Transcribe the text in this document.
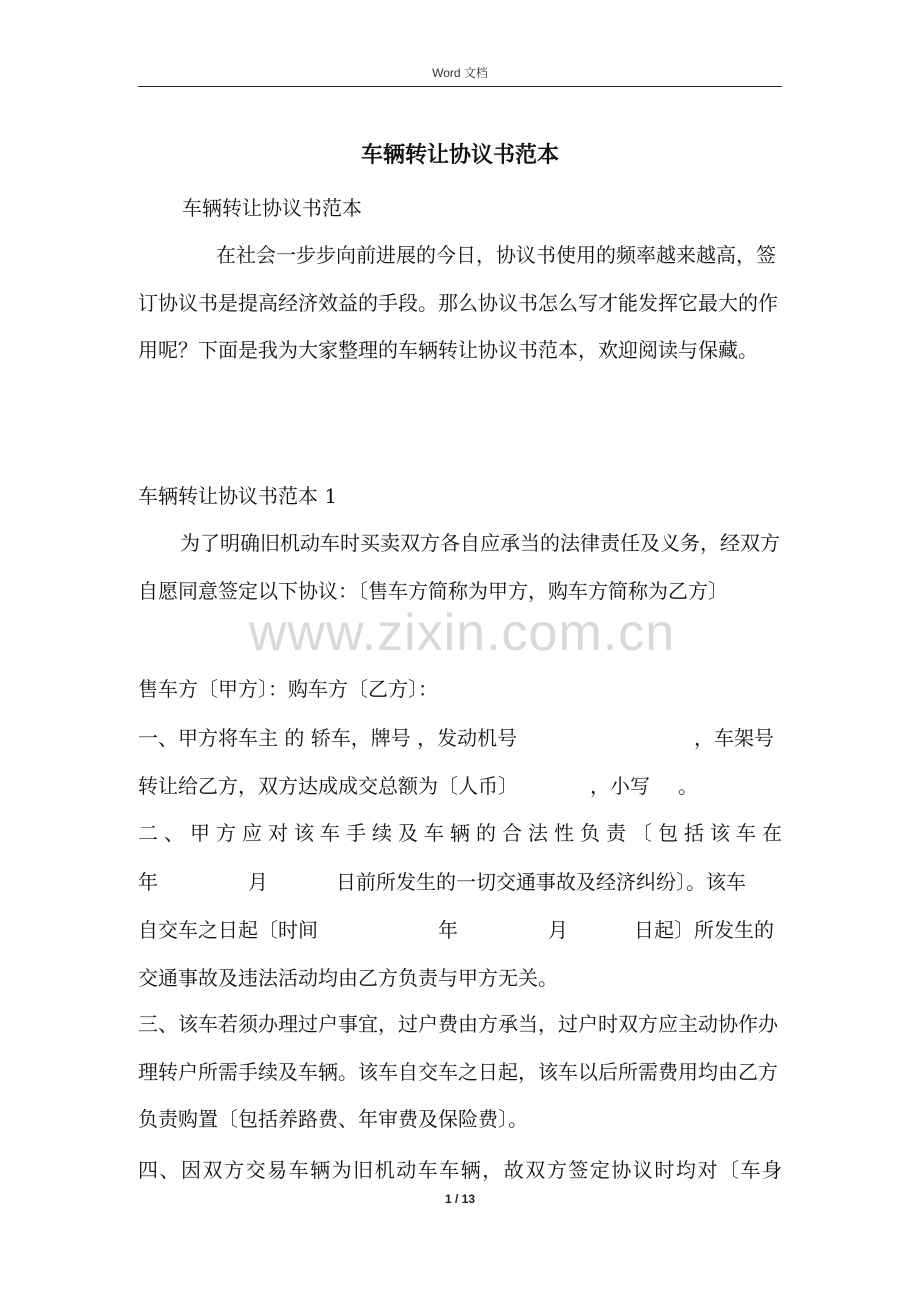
Word 文档
车辆转让协议书范本
车辆转让协议书范本

在社会一步步向前进展的今日，协议书使用的频率越来越高，签订协议书是提高经济效益的手段。那么协议书怎么写才能发挥它最大的作用呢？下面是我为大家整理的车辆转让协议书范本，欢迎阅读与保藏。

车辆转让协议书范本 1

为了明确旧机动车时买卖双方各自应承当的法律责任及义务，经双方自愿同意签定以下协议：〔售车方简称为甲方，购车方简称为乙方〕

售车方〔甲方〕：购车方〔乙方〕：
一、甲方将车主 的 轿车，牌号 ，发动机号	，车架号
转让给乙方，双方达成成交总额为〔人币〕	，小写 。
二、甲方应对该车手续及车辆的合法性负责〔包括该车在
年	月	日前所发生的一切交通事故及经济纠纷〕。该车
自交车之日起〔时间	年	月	日起〕所发生的
交通事故及违法活动均由乙方负责与甲方无关。

三、该车若须办理过户事宜，过户费由方承当，过户时双方应主动协作办理转户所需手续及车辆。该车自交车之日起，该车以后所需费用均由乙方负责购置〔包括养路费、年审费及保险费〕。

四、因双方交易车辆为旧机动车车辆，故双方签定协议时均对〔车身
www.zixin.com.cn
1 / 13
